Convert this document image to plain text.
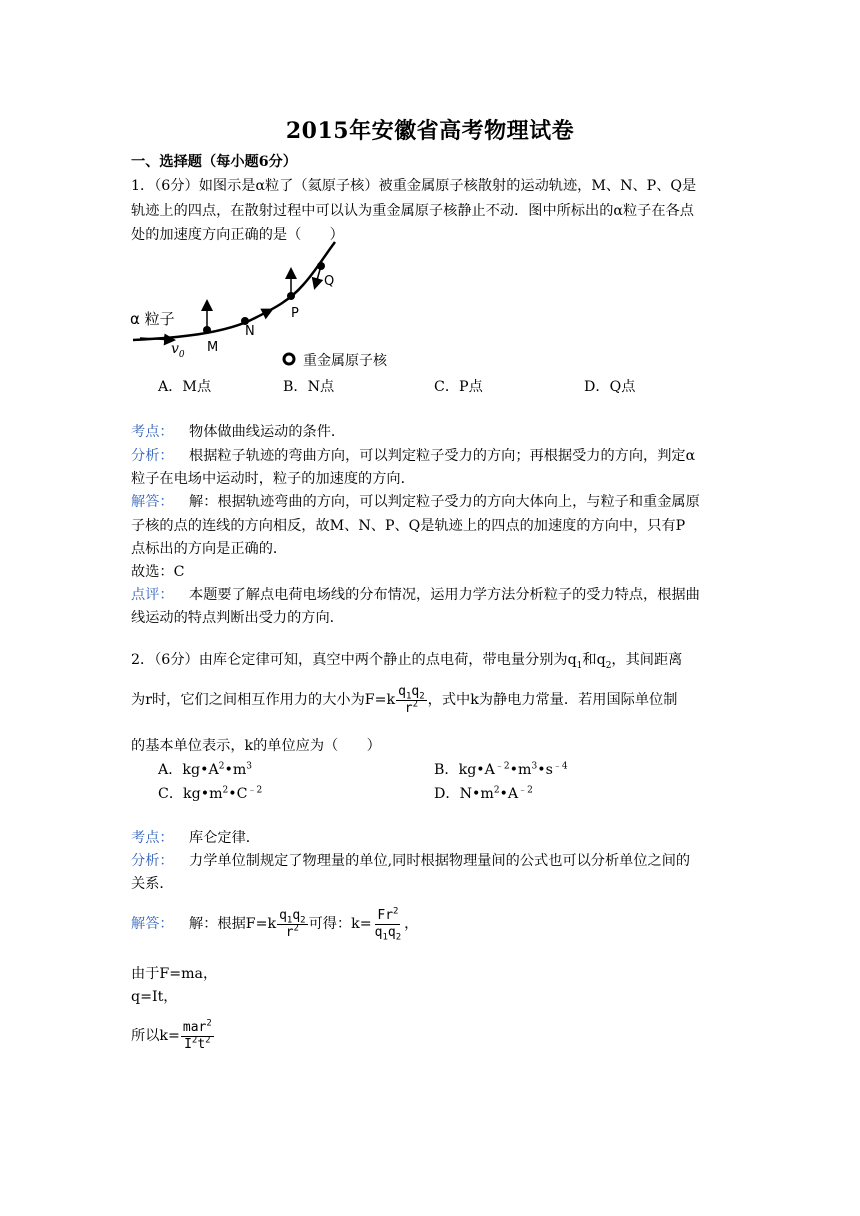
2015年安徽省高考物理试卷
一、选择题（每小题6分）
1．（6分）如图示是α粒了（氦原子核）被重金属原子核散射的运动轨迹，M、N、P、Q是
轨迹上的四点，在散射过程中可以认为重金属原子核静止不动．图中所标出的α粒子在各点
处的加速度方向正确的是（　　）
α 粒子
$v_0$ M
N
P
Q
重金属原子核
A．M点	B．N点	C．P点	D．Q点
考点： 物体做曲线运动的条件．
分析： 根据粒子轨迹的弯曲方向，可以判定粒子受力的方向；再根据受力的方向，判定α
粒子在电场中运动时，粒子的加速度的方向．
解答： 解：根据轨迹弯曲的方向，可以判定粒子受力的方向大体向上，与粒子和重金属原
子核的点的连线的方向相反，故M、N、P、Q是轨迹上的四点的加速度的方向中，只有P
点标出的方向是正确的．
故选：C
点评： 本题要了解点电荷电场线的分布情况，运用力学方法分析粒子的受力特点，根据曲
线运动的特点判断出受力的方向．
2．（6分）由库仑定律可知，真空中两个静止的点电荷，带电量分别为$q_1$和$q_2$，其间距离
为r时，它们之间相互作用力的大小为$F=k \frac{q_1q_2}{r^2}$ ，式中k为静电力常量．若用国际单位制
的基本单位表示，k的单位应为（　　）
A．$kg•A^2•m^3$	B．$kg•A^{﹣2}•m^3•s^{﹣4}$
C．$kg•m^2•C^{﹣2}$	D．$N•m^2•A^{﹣2}$
考点： 库仑定律．
分析： 力学单位制规定了物理量的单位,同时根据物理量间的公式也可以分析单位之间的
关系．
解答： 解：根据$F=k \frac{q_1q_2}{r^2}$ 可得：$k= \frac{Fr^2}{q_1q_2}$ ，
由于F=ma，
q=It，
所以$k= \frac{mar^2}{I^2t^2}$
